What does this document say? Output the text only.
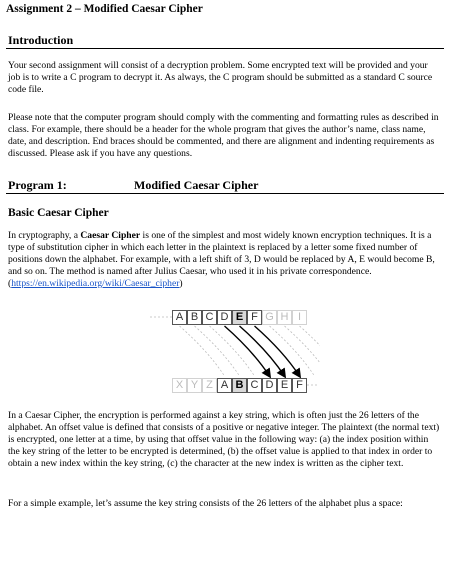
Assignment 2 – Modified Caesar Cipher
Introduction

Your second assignment will consist of a decryption problem. Some encrypted text will be provided and your job is to write a C program to decrypt it. As always, the C program should be submitted as a standard C source code file.

Please note that the computer program should comply with the commenting and formatting rules as described in class. For example, there should be a header for the whole program that gives the author’s name, class name, date, and description. End braces should be commented, and there are alignment and indenting requirements as discussed. Please ask if you have any questions.

Program 1:	Modified Caesar Cipher
Basic Caesar Cipher

In cryptography, a Caesar Cipher is one of the simplest and most widely known encryption techniques. It is a type of substitution cipher in which each letter in the plaintext is replaced by a letter some fixed number of positions down the alphabet. For example, with a left shift of 3, D would be replaced by A, E would become B, and so on. The method is named after Julius Caesar, who used it in his private correspondence. (https://en.wikipedia.org/wiki/Caesar_cipher)

A B C D E F G H I
X Y Z A B C D E F

In a Caesar Cipher, the encryption is performed against a key string, which is often just the 26 letters of the alphabet. An offset value is defined that consists of a positive or negative integer. The plaintext (the normal text) is encrypted, one letter at a time, by using that offset value in the following way: (a) the index position within the key string of the letter to be encrypted is determined, (b) the offset value is applied to that index in order to obtain a new index within the key string, (c) the character at the new index is written as the cipher text.

For a simple example, let’s assume the key string consists of the 26 letters of the alphabet plus a space:
